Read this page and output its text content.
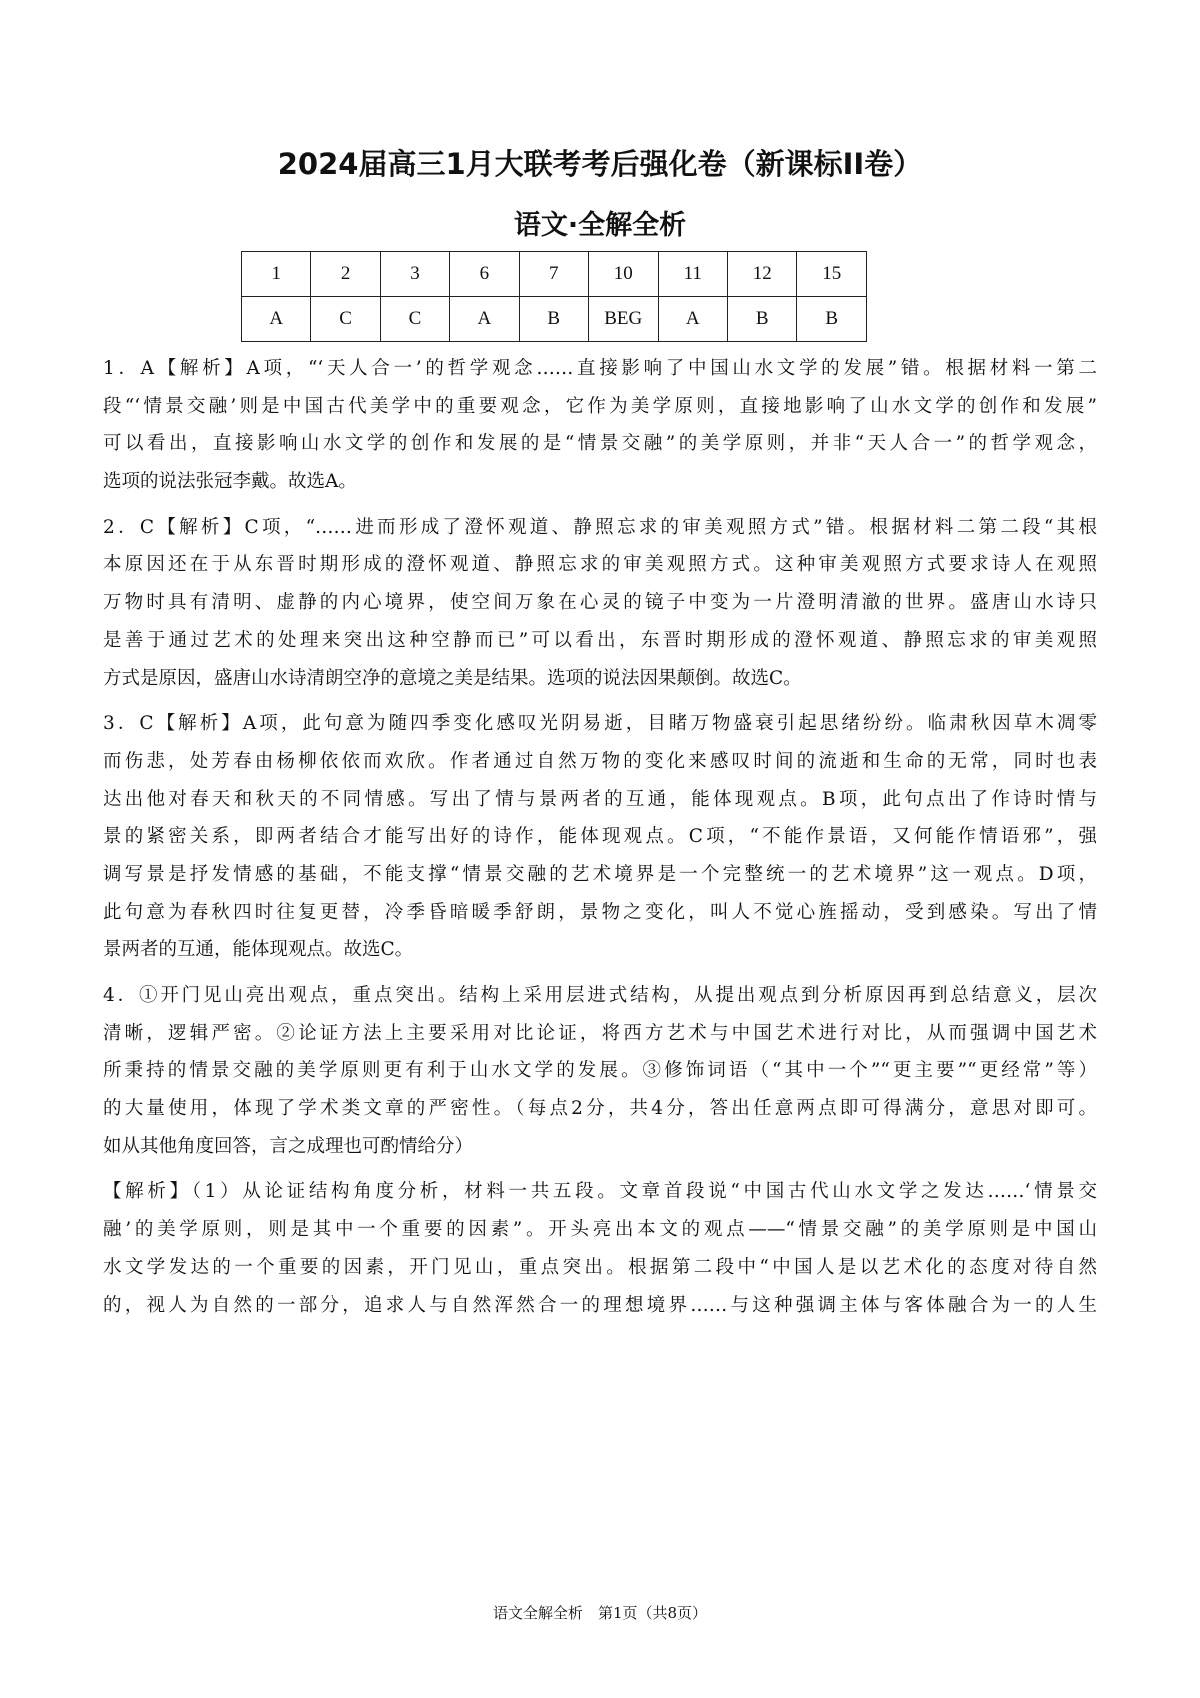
2024届高三1月大联考考后强化卷（新课标II卷）
语文·全解全析
1	2	3	6	7	10	11	12	15
A	C	C	A	B	BEG	A	B	B
1．A【解析】A项，“‘天人合一’的哲学观念……直接影响了中国山水文学的发展”错。根据材料一第二
段“‘情景交融’则是中国古代美学中的重要观念，它作为美学原则，直接地影响了山水文学的创作和发展”
可以看出，直接影响山水文学的创作和发展的是“情景交融”的美学原则，并非“天人合一”的哲学观念，
选项的说法张冠李戴。故选A。
2．C【解析】C项，“……进而形成了澄怀观道、静照忘求的审美观照方式”错。根据材料二第二段“其根
本原因还在于从东晋时期形成的澄怀观道、静照忘求的审美观照方式。这种审美观照方式要求诗人在观照
万物时具有清明、虚静的内心境界，使空间万象在心灵的镜子中变为一片澄明清澈的世界。盛唐山水诗只
是善于通过艺术的处理来突出这种空静而已”可以看出，东晋时期形成的澄怀观道、静照忘求的审美观照
方式是原因，盛唐山水诗清朗空净的意境之美是结果。选项的说法因果颠倒。故选C。
3．C【解析】A项，此句意为随四季变化感叹光阴易逝，目睹万物盛衰引起思绪纷纷。临肃秋因草木凋零
而伤悲，处芳春由杨柳依依而欢欣。作者通过自然万物的变化来感叹时间的流逝和生命的无常，同时也表
达出他对春天和秋天的不同情感。写出了情与景两者的互通，能体现观点。B项，此句点出了作诗时情与
景的紧密关系，即两者结合才能写出好的诗作，能体现观点。C项，“不能作景语，又何能作情语邪”，强
调写景是抒发情感的基础，不能支撑“情景交融的艺术境界是一个完整统一的艺术境界”这一观点。D项，
此句意为春秋四时往复更替，冷季昏暗暖季舒朗，景物之变化，叫人不觉心旌摇动，受到感染。写出了情
景两者的互通，能体现观点。故选C。
4．①开门见山亮出观点，重点突出。结构上采用层进式结构，从提出观点到分析原因再到总结意义，层次
清晰，逻辑严密。②论证方法上主要采用对比论证，将西方艺术与中国艺术进行对比，从而强调中国艺术
所秉持的情景交融的美学原则更有利于山水文学的发展。③修饰词语（“其中一个”“更主要”“更经常”等）
的大量使用，体现了学术类文章的严密性。（每点2分，共4分，答出任意两点即可得满分，意思对即可。
如从其他角度回答，言之成理也可酌情给分）
【解析】（1）从论证结构角度分析，材料一共五段。文章首段说“中国古代山水文学之发达……‘情景交
融’的美学原则，则是其中一个重要的因素”。开头亮出本文的观点——“情景交融”的美学原则是中国山
水文学发达的一个重要的因素，开门见山，重点突出。根据第二段中“中国人是以艺术化的态度对待自然
的，视人为自然的一部分，追求人与自然浑然合一的理想境界……与这种强调主体与客体融合为一的人生
语文全解全析　第1页（共8页）
